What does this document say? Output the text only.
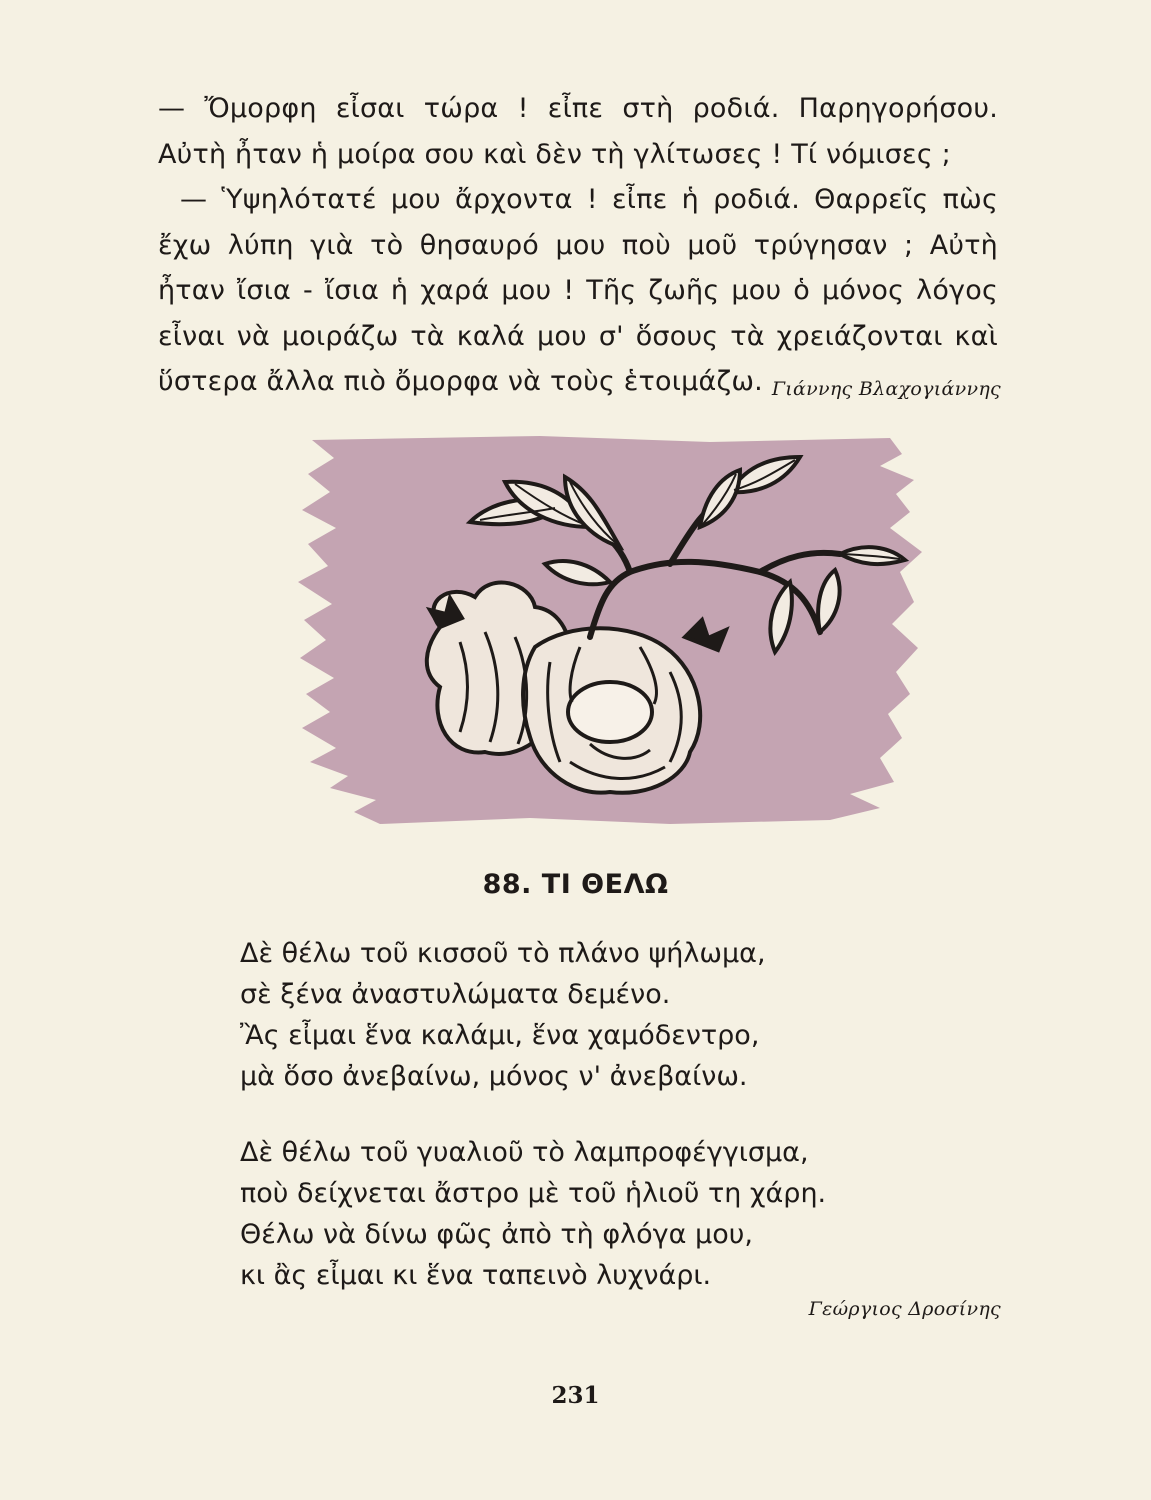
— Ὄμορφη εἶσαι τώρα ! εἶπε στὴ ροδιά. Παρηγορήσου.

Αὐτὴ ἦταν ἡ μοίρα σου καὶ δὲν τὴ γλίτωσες ! Τί νόμισες ;

— Ὑψηλότατέ μου ἄρχοντα ! εἶπε ἡ ροδιά. Θαρρεῖς πὼς

ἔχω λύπη γιὰ τὸ θησαυρό μου ποὺ μοῦ τρύγησαν ; Αὐτὴ

ἦταν ἴσια - ἴσια ἡ χαρά μου ! Τῆς ζωῆς μου ὁ μόνος λόγος

εἶναι νὰ μοιράζω τὰ καλά μου σ' ὅσους τὰ χρειάζονται καὶ

ὕστερα ἄλλα πιὸ ὄμορφα νὰ τοὺς ἑτοιμάζω. Γιάννης Βλαχογιάννης
88. ΤΙ ΘΕΛΩ
Δὲ θέλω τοῦ κισσοῦ τὸ πλάνο ψήλωμα,
σὲ ξένα ἀναστυλώματα δεμένο.
Ἂς εἶμαι ἕνα καλάμι, ἕνα χαμόδεντρο,
μὰ ὅσο ἀνεβαίνω, μόνος ν' ἀνεβαίνω.
Δὲ θέλω τοῦ γυαλιοῦ τὸ λαμπροφέγγισμα,
ποὺ δείχνεται ἄστρο μὲ τοῦ ἡλιοῦ τη χάρη.
Θέλω νὰ δίνω φῶς ἀπὸ τὴ φλόγα μου,
κι ἂς εἶμαι κι ἕνα ταπεινὸ λυχνάρι.
Γεώργιος Δροσίνης
231
